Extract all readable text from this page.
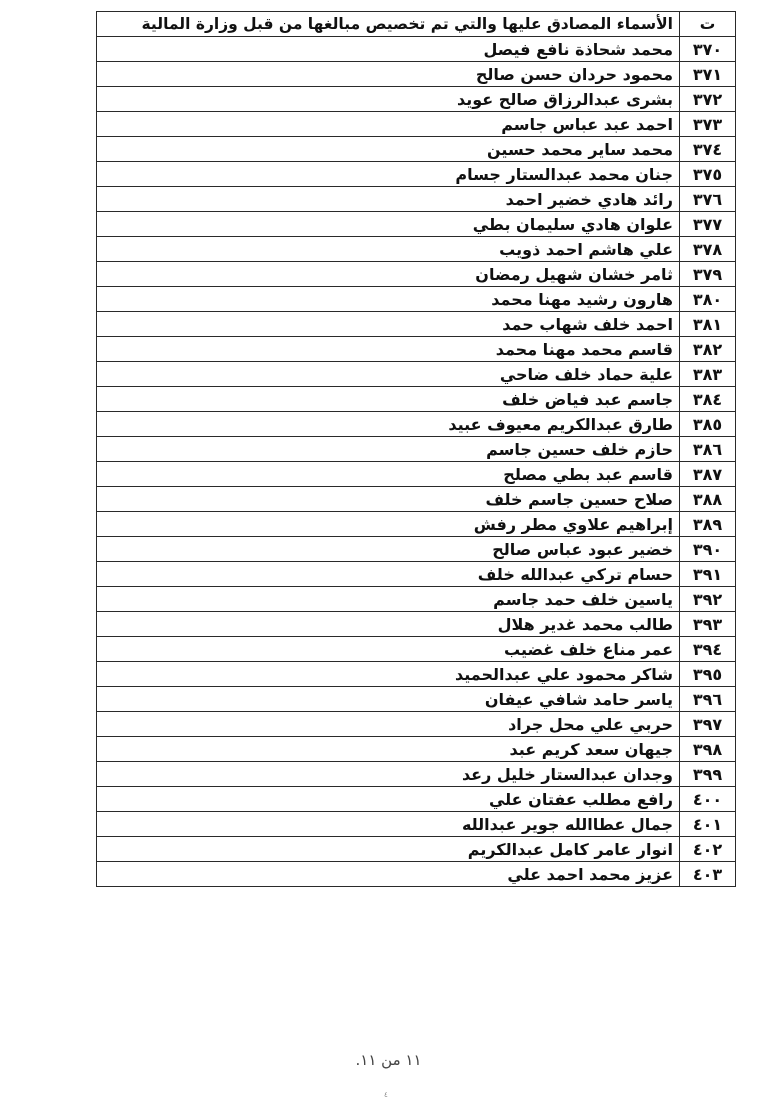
ت	الأسماء المصادق عليها والتي تم تخصيص مبالغها من قبل وزارة المالية
٣٧٠	محمد شحاذة نافع فيصل
٣٧١	محمود حردان حسن صالح
٣٧٢	بشرى عبدالرزاق صالح عويد
٣٧٣	احمد عبد عباس جاسم
٣٧٤	محمد ساير محمد حسين
٣٧٥	جنان محمد عبدالستار جسام
٣٧٦	رائد هادي خضير احمد
٣٧٧	علوان هادي سليمان بطي
٣٧٨	علي هاشم احمد ذويب
٣٧٩	ثامر خشان شهيل رمضان
٣٨٠	هارون رشيد مهنا محمد
٣٨١	احمد خلف شهاب حمد
٣٨٢	قاسم محمد مهنا محمد
٣٨٣	علية حماد خلف ضاحي
٣٨٤	جاسم عبد فياض خلف
٣٨٥	طارق عبدالكريم معيوف عبيد
٣٨٦	حازم خلف حسين جاسم
٣٨٧	قاسم عبد بطي مصلح
٣٨٨	صلاح حسين جاسم خلف
٣٨٩	إبراهيم علاوي مطر رفش
٣٩٠	خضير عبود عباس صالح
٣٩١	حسام تركي عبدالله خلف
٣٩٢	ياسين خلف حمد جاسم
٣٩٣	طالب محمد غدير هلال
٣٩٤	عمر مناع خلف غضيب
٣٩٥	شاكر محمود علي عبدالحميد
٣٩٦	ياسر حامد شافي عيفان
٣٩٧	حربي علي محل جراد
٣٩٨	جيهان سعد كريم عبد
٣٩٩	وجدان عبدالستار خليل رعد
٤٠٠	رافع مطلب عفتان علي
٤٠١	جمال عطاالله جوير عبدالله
٤٠٢	انوار عامر كامل عبدالكريم
٤٠٣	عزيز محمد احمد علي
١١ من ١١.
٤
